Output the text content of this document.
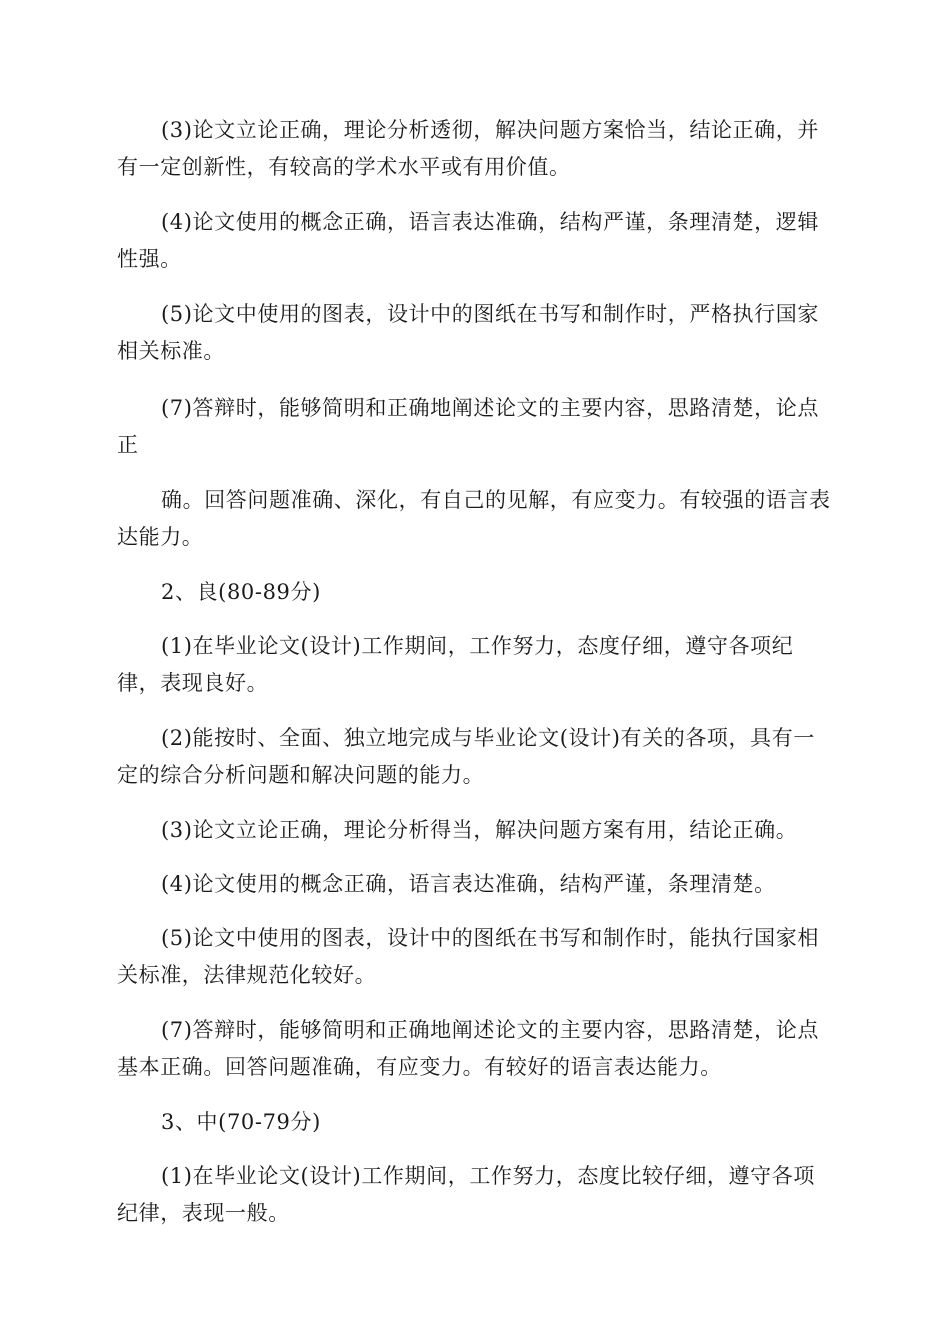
(3)论文立论正确，理论分析透彻，解决问题方案恰当，结论正确，并有一定创新性，有较高的学术水平或有用价值。

(4)论文使用的概念正确，语言表达准确，结构严谨，条理清楚，逻辑性强。

(5)论文中使用的图表，设计中的图纸在书写和制作时，严格执行国家相关标准。

(7)答辩时，能够简明和正确地阐述论文的主要内容，思路清楚，论点正

确。回答问题准确、深化，有自己的见解，有应变力。有较强的语言表达能力。

2、良(80-89分)

(1)在毕业论文(设计)工作期间，工作努力，态度仔细，遵守各项纪律，表现良好。

(2)能按时、全面、独立地完成与毕业论文(设计)有关的各项，具有一定的综合分析问题和解决问题的能力。

(3)论文立论正确，理论分析得当，解决问题方案有用，结论正确。

(4)论文使用的概念正确，语言表达准确，结构严谨，条理清楚。

(5)论文中使用的图表，设计中的图纸在书写和制作时，能执行国家相关标准，法律规范化较好。

(7)答辩时，能够简明和正确地阐述论文的主要内容，思路清楚，论点基本正确。回答问题准确，有应变力。有较好的语言表达能力。

3、中(70-79分)

(1)在毕业论文(设计)工作期间，工作努力，态度比较仔细，遵守各项纪律，表现一般。
